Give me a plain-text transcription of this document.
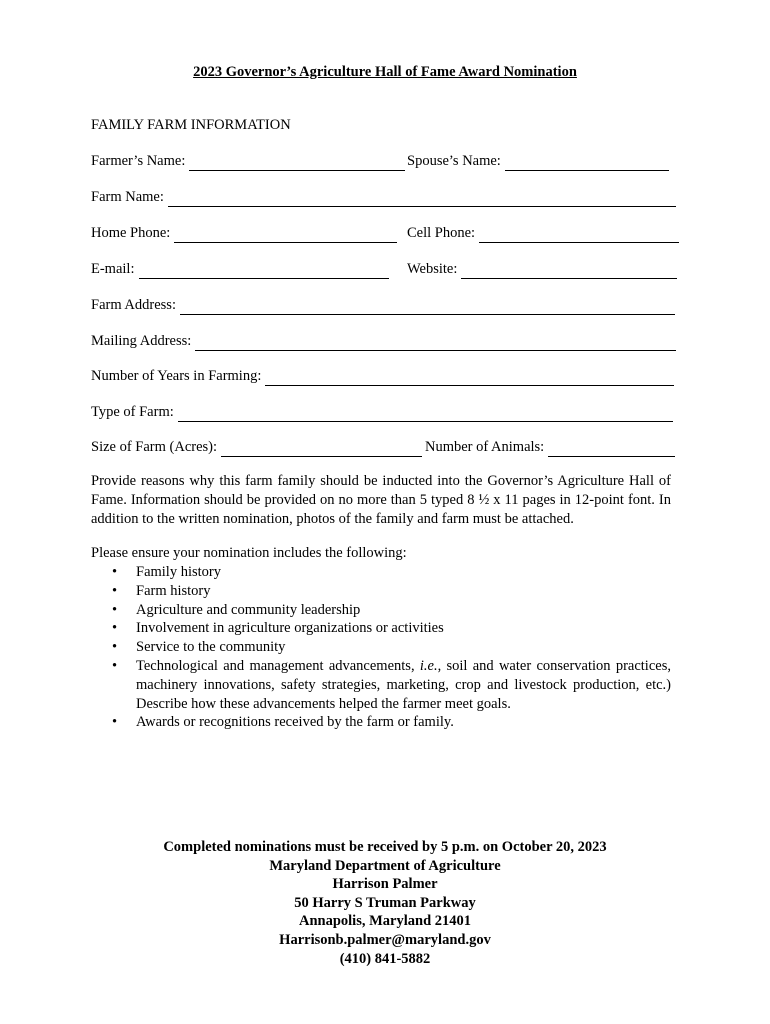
2023 Governor’s Agriculture Hall of Fame Award Nomination
FAMILY FARM INFORMATION
Farmer’s Name:	Spouse’s Name:
Farm Name:
Home Phone:	Cell Phone:
E-mail:	Website:
Farm Address:
Mailing Address:
Number of Years in Farming:
Type of Farm:
Size of Farm (Acres):	Number of Animals:
Provide reasons why this farm family should be inducted into the Governor’s Agriculture Hall of Fame. Information should be provided on no more than 5 typed 8 ½ x 11 pages in 12-point font. In addition to the written nomination, photos of the family and farm must be attached.
Please ensure your nomination includes the following:
• Family history
• Farm history
• Agriculture and community leadership
• Involvement in agriculture organizations or activities
• Service to the community
• Technological and management advancements, i.e., soil and water conservation practices, machinery innovations, safety strategies, marketing, crop and livestock production, etc.) Describe how these advancements helped the farmer meet goals.
• Awards or recognitions received by the farm or family.
Completed nominations must be received by 5 p.m. on October 20, 2023
Maryland Department of Agriculture
Harrison Palmer
50 Harry S Truman Parkway
Annapolis, Maryland 21401
Harrisonb.palmer@maryland.gov
(410) 841-5882
